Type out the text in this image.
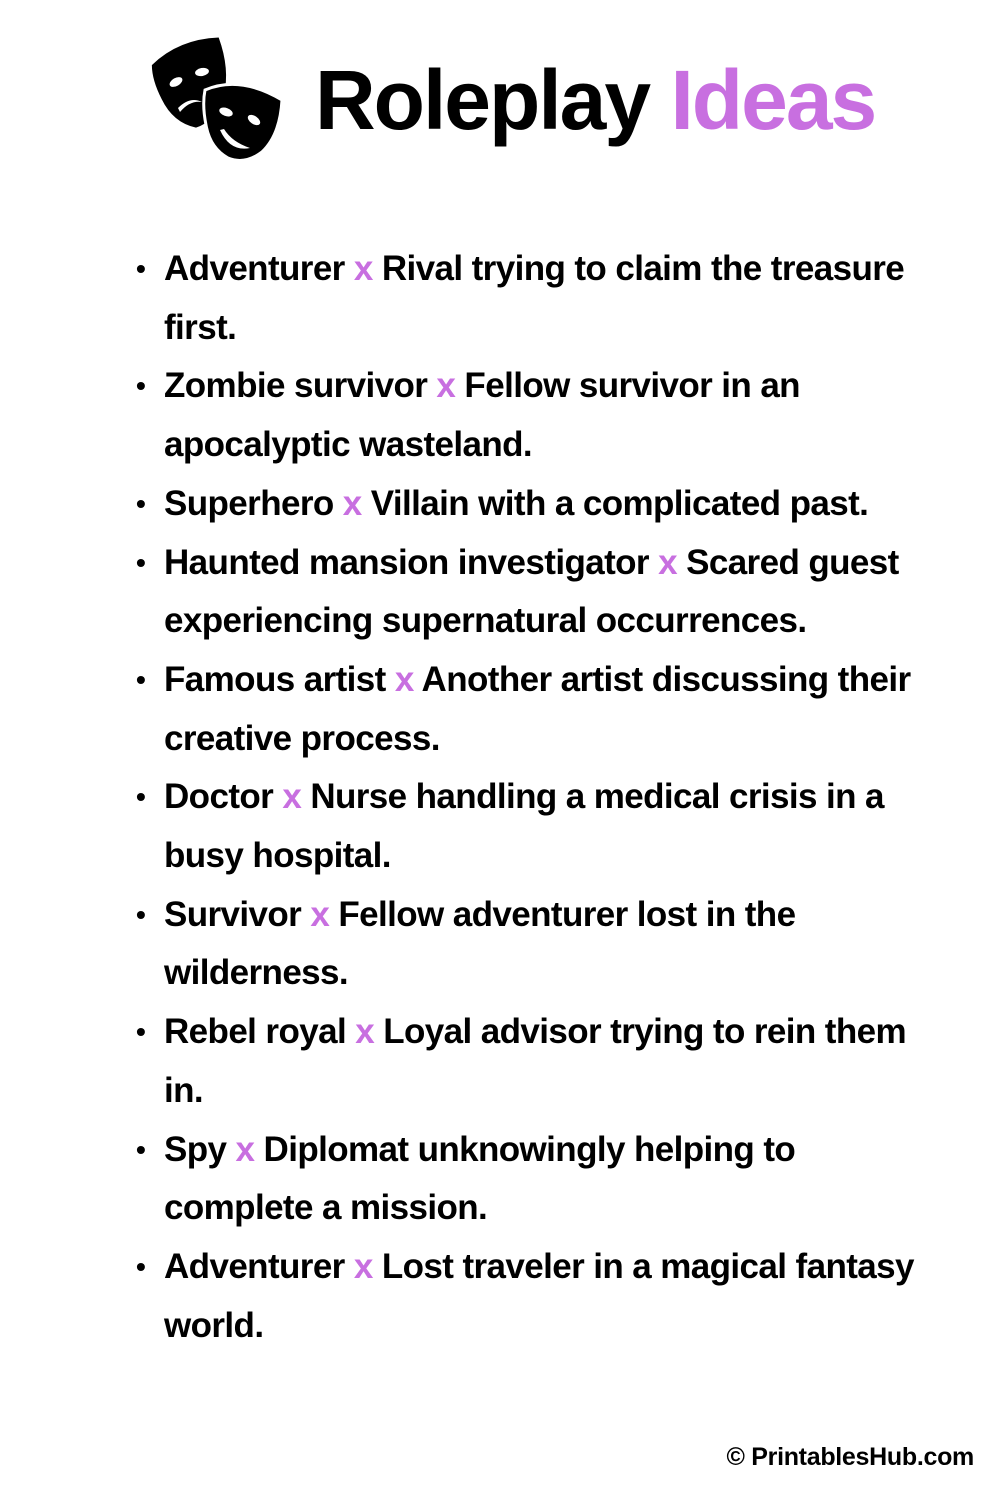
Roleplay Ideas
• Adventurer x Rival trying to claim the treasure first.
• Zombie survivor x Fellow survivor in an apocalyptic wasteland.
• Superhero x Villain with a complicated past.
• Haunted mansion investigator x Scared guest experiencing supernatural occurrences.
• Famous artist x Another artist discussing their creative process.
• Doctor x Nurse handling a medical crisis in a busy hospital.
• Survivor x Fellow adventurer lost in the wilderness.
• Rebel royal x Loyal advisor trying to rein them in.
• Spy x Diplomat unknowingly helping to complete a mission.
• Adventurer x Lost traveler in a magical fantasy world.
© PrintablesHub.com
